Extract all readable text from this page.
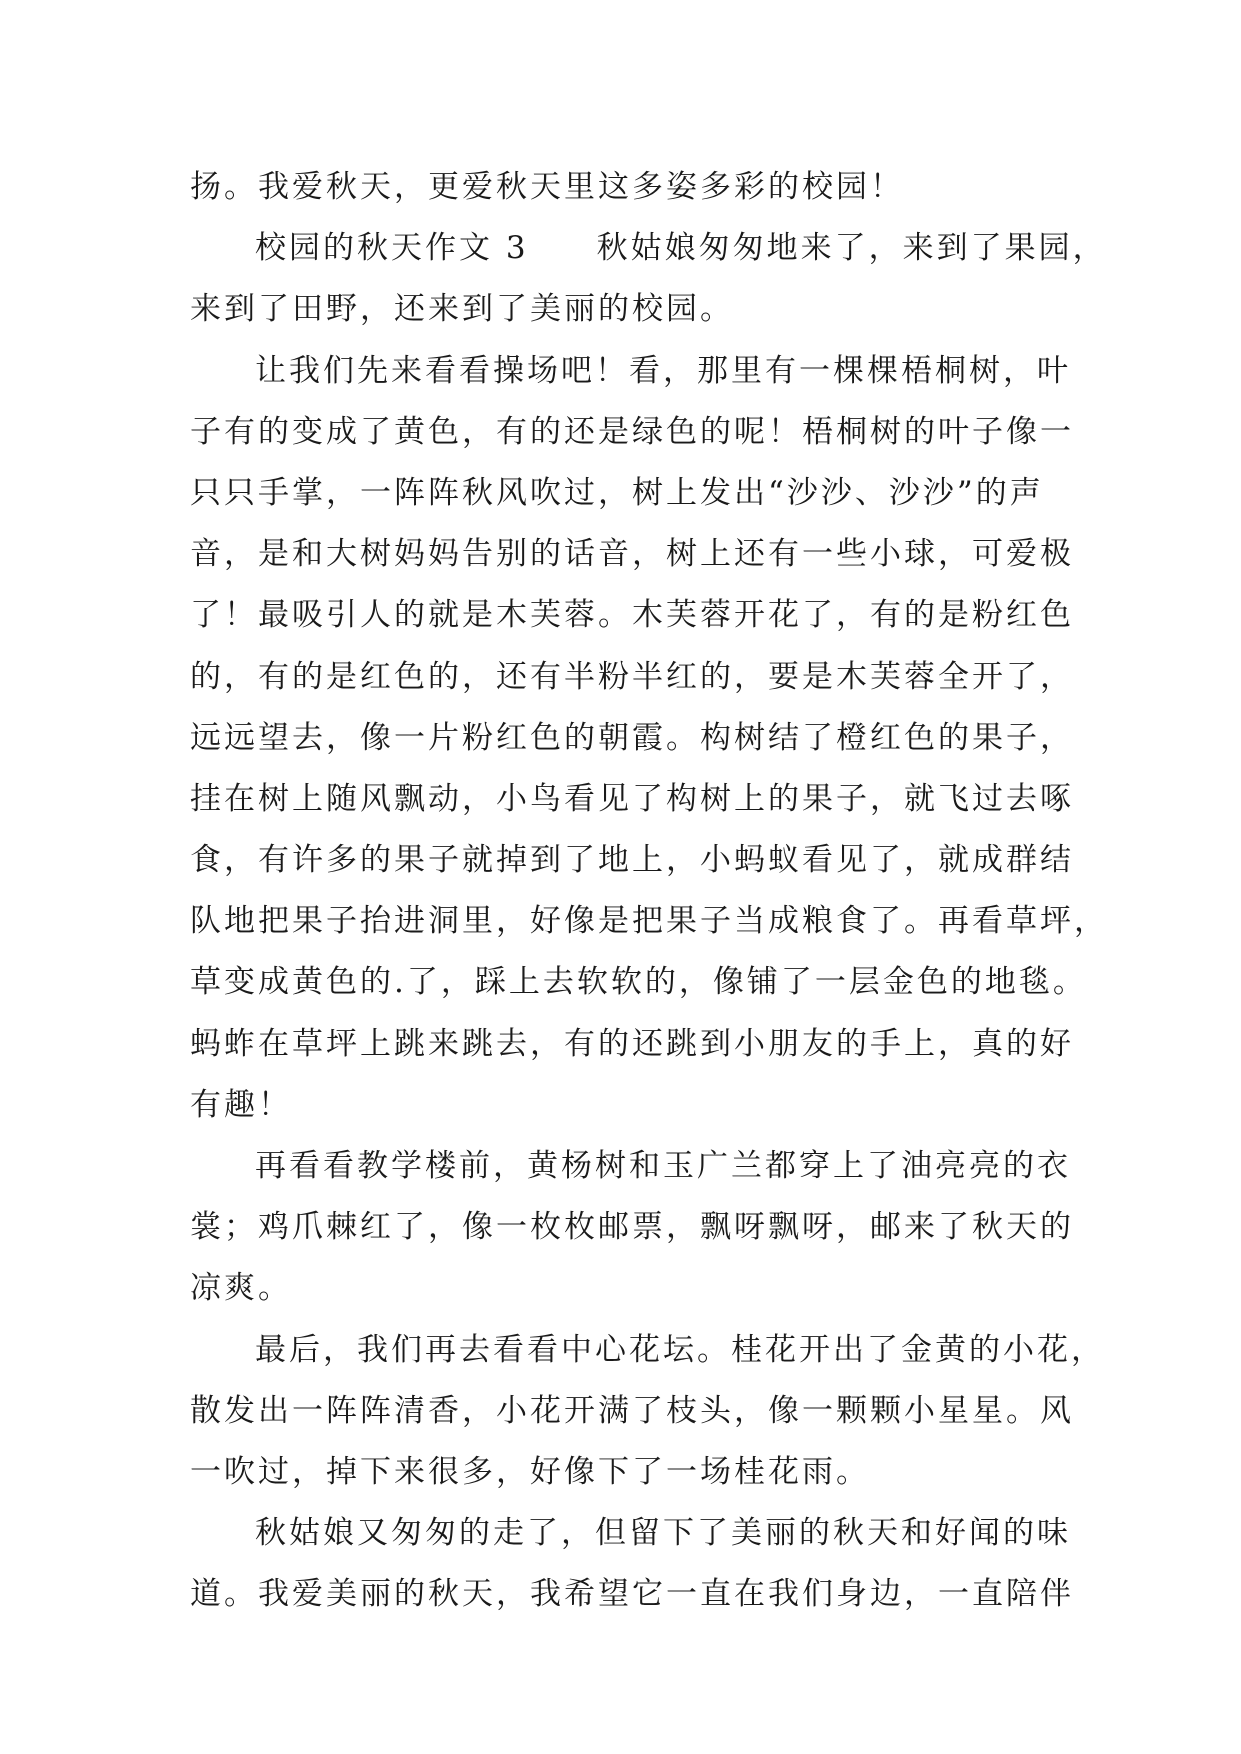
扬。我爱秋天，更爱秋天里这多姿多彩的校园！
校园的秋天作文 3　　秋姑娘匆匆地来了，来到了果园，
来到了田野，还来到了美丽的校园。
让我们先来看看操场吧！看，那里有一棵棵梧桐树，叶
子有的变成了黄色，有的还是绿色的呢！梧桐树的叶子像一
只只手掌，一阵阵秋风吹过，树上发出“沙沙、沙沙”的声
音，是和大树妈妈告别的话音，树上还有一些小球，可爱极
了！最吸引人的就是木芙蓉。木芙蓉开花了，有的是粉红色
的，有的是红色的，还有半粉半红的，要是木芙蓉全开了，
远远望去，像一片粉红色的朝霞。构树结了橙红色的果子，
挂在树上随风飘动，小鸟看见了构树上的果子，就飞过去啄
食，有许多的果子就掉到了地上，小蚂蚁看见了，就成群结
队地把果子抬进洞里，好像是把果子当成粮食了。再看草坪，
草变成黄色的.了，踩上去软软的，像铺了一层金色的地毯。
蚂蚱在草坪上跳来跳去，有的还跳到小朋友的手上，真的好
有趣！
再看看教学楼前，黄杨树和玉广兰都穿上了油亮亮的衣
裳；鸡爪棘红了，像一枚枚邮票，飘呀飘呀，邮来了秋天的
凉爽。
最后，我们再去看看中心花坛。桂花开出了金黄的小花，
散发出一阵阵清香，小花开满了枝头，像一颗颗小星星。风
一吹过，掉下来很多，好像下了一场桂花雨。
秋姑娘又匆匆的走了，但留下了美丽的秋天和好闻的味
道。我爱美丽的秋天，我希望它一直在我们身边，一直陪伴
